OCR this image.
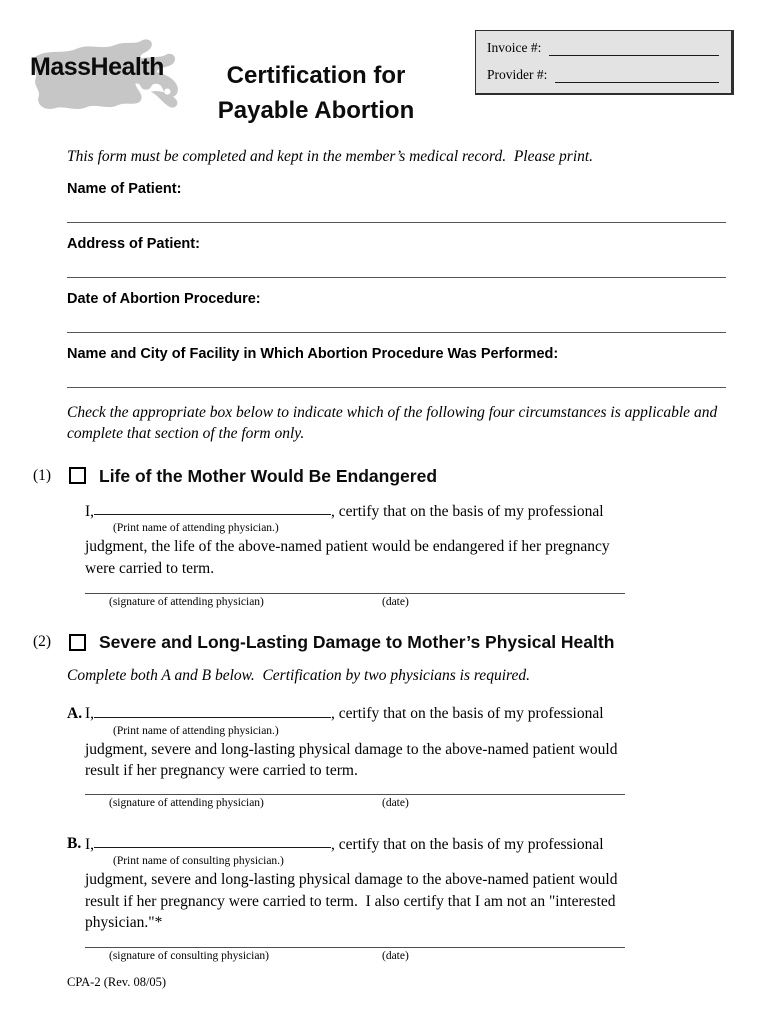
MassHealth	Certification for
Payable Abortion
Invoice #:
Provider #:

This form must be completed and kept in the member’s medical record.  Please print.

Name of Patient:
Address of Patient:
Date of Abortion Procedure:
Name and City of Facility in Which Abortion Procedure Was Performed:

Check the appropriate box below to indicate which of the following four circumstances is applicable and complete that section of the form only.

(1)	Life of the Mother Would Be Endangered
I,	, certify that on the basis of my professional
(Print name of attending physician.)
judgment, the life of the above-named patient would be endangered if her pregnancy were carried to term.
(signature of attending physician)	(date)
(2)	Severe and Long-Lasting Damage to Mother’s Physical Health

Complete both A and B below.  Certification by two physicians is required.

A. I,	, certify that on the basis of my professional
(Print name of attending physician.)
judgment, severe and long-lasting physical damage to the above-named patient would result if her pregnancy were carried to term.
(signature of attending physician)	(date)
B. I,	, certify that on the basis of my professional
(Print name of consulting physician.)
judgment, severe and long-lasting physical damage to the above-named patient would result if her pregnancy were carried to term.  I also certify that I am not an "interested physician."*
(signature of consulting physician)	(date)
CPA-2 (Rev. 08/05)
